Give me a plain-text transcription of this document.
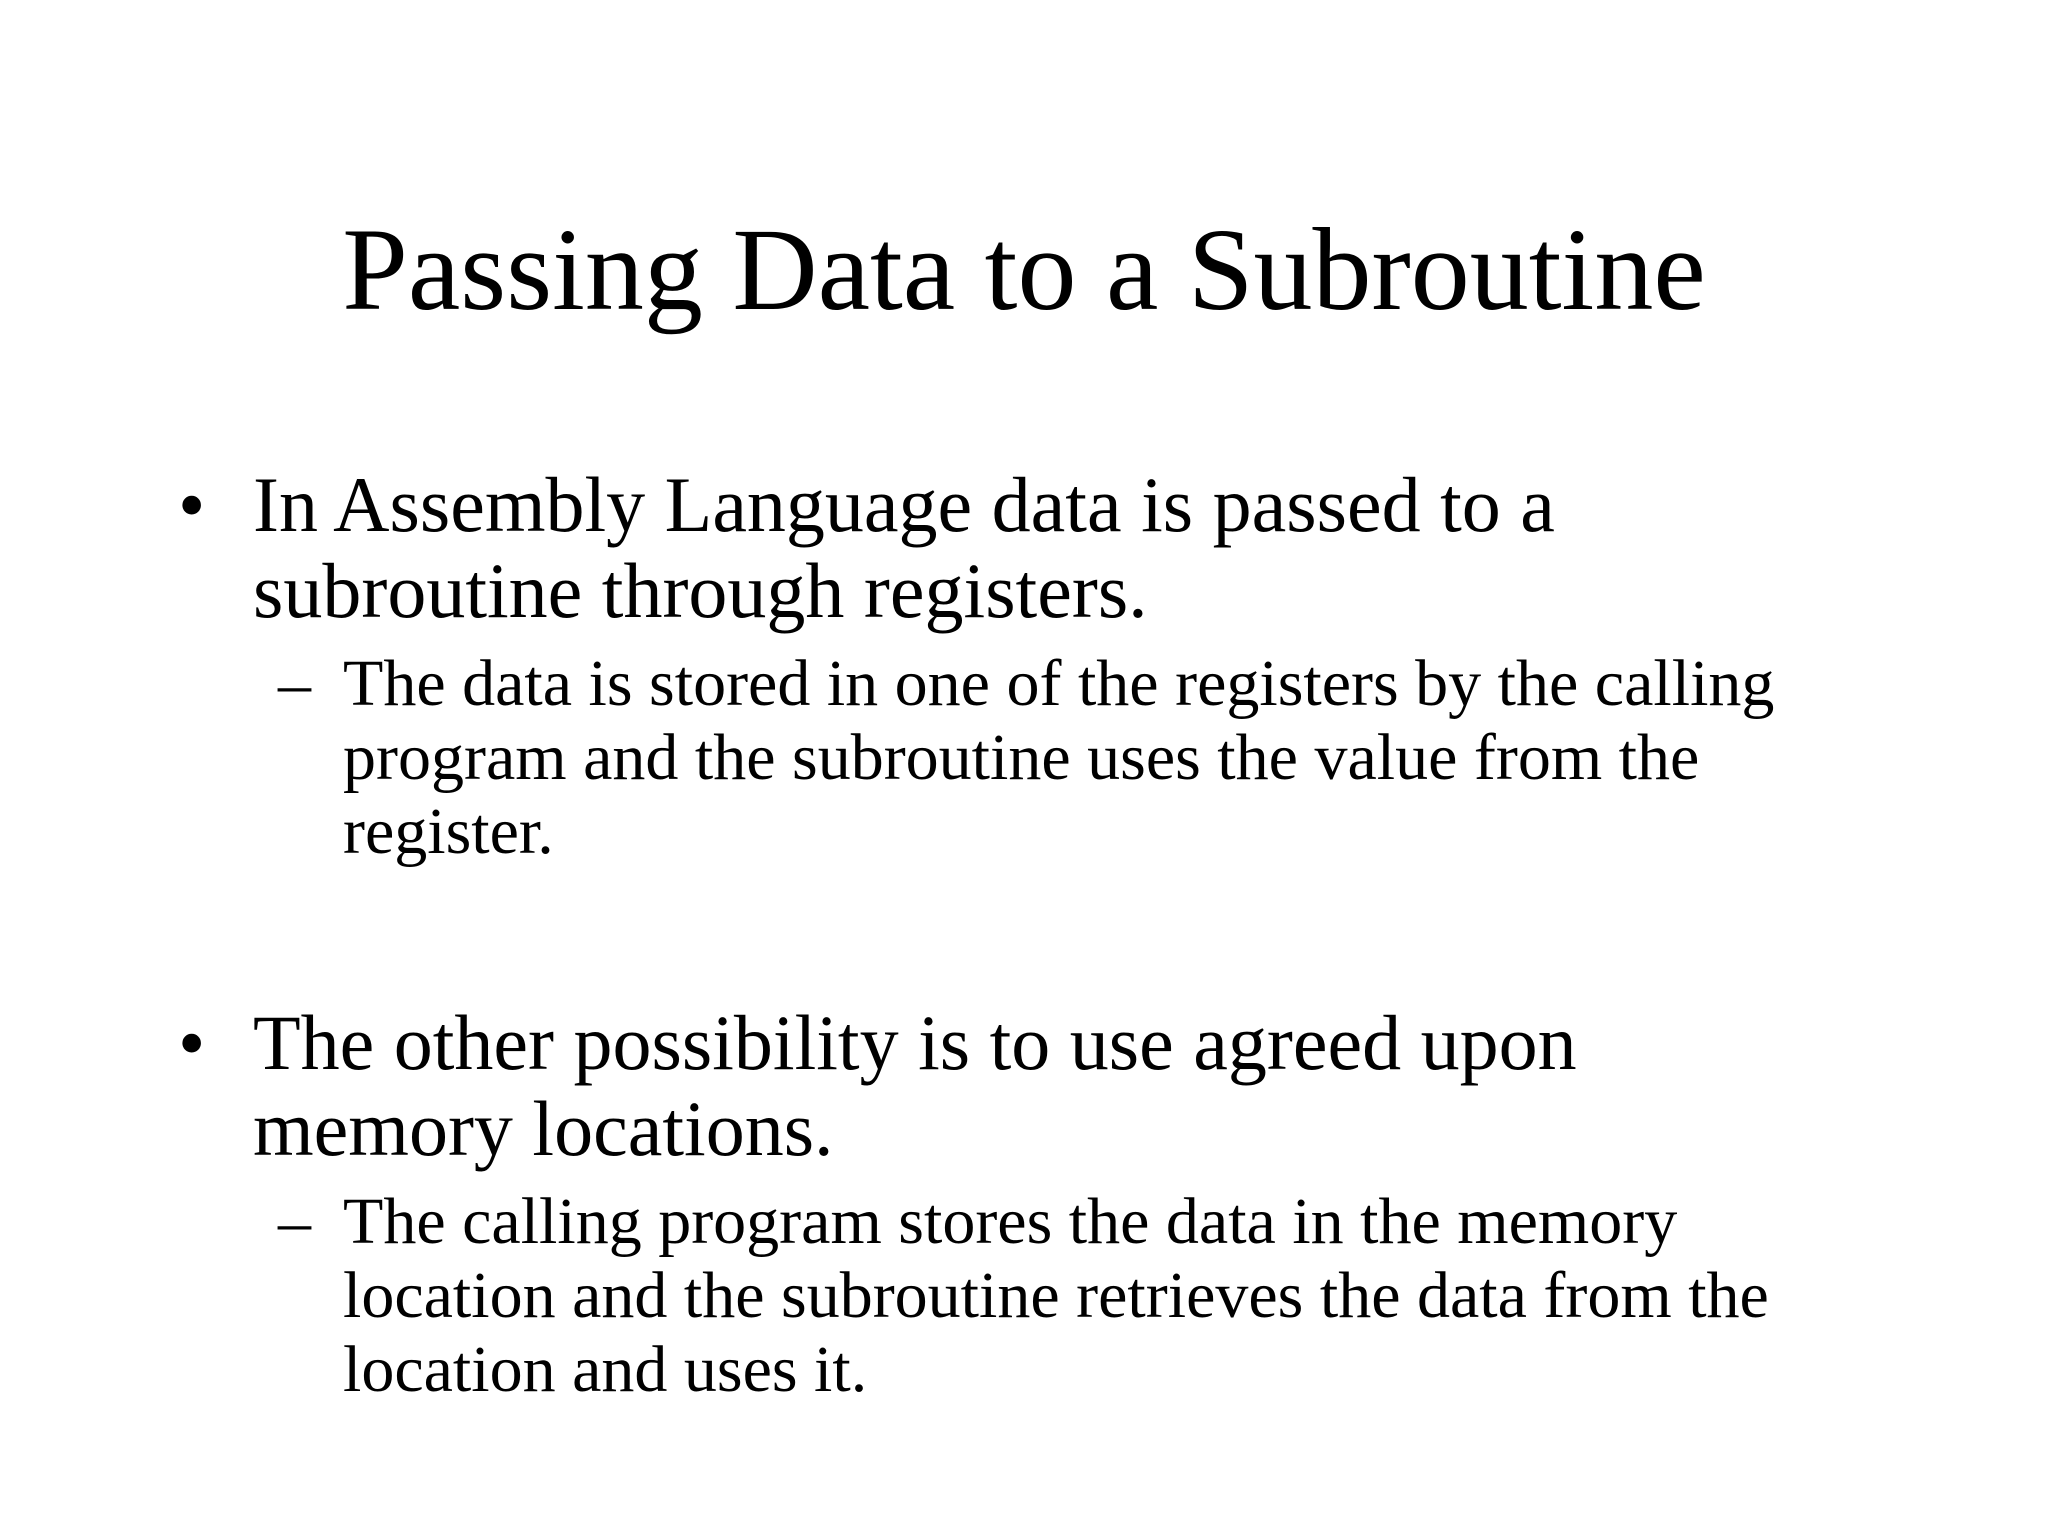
Passing Data to a Subroutine
• In Assembly Language data is passed to a subroutine through registers.
– The data is stored in one of the registers by the calling program and the subroutine uses the value from the register.
• The other possibility is to use agreed upon memory locations.
– The calling program stores the data in the memory location and the subroutine retrieves the data from the location and uses it.
